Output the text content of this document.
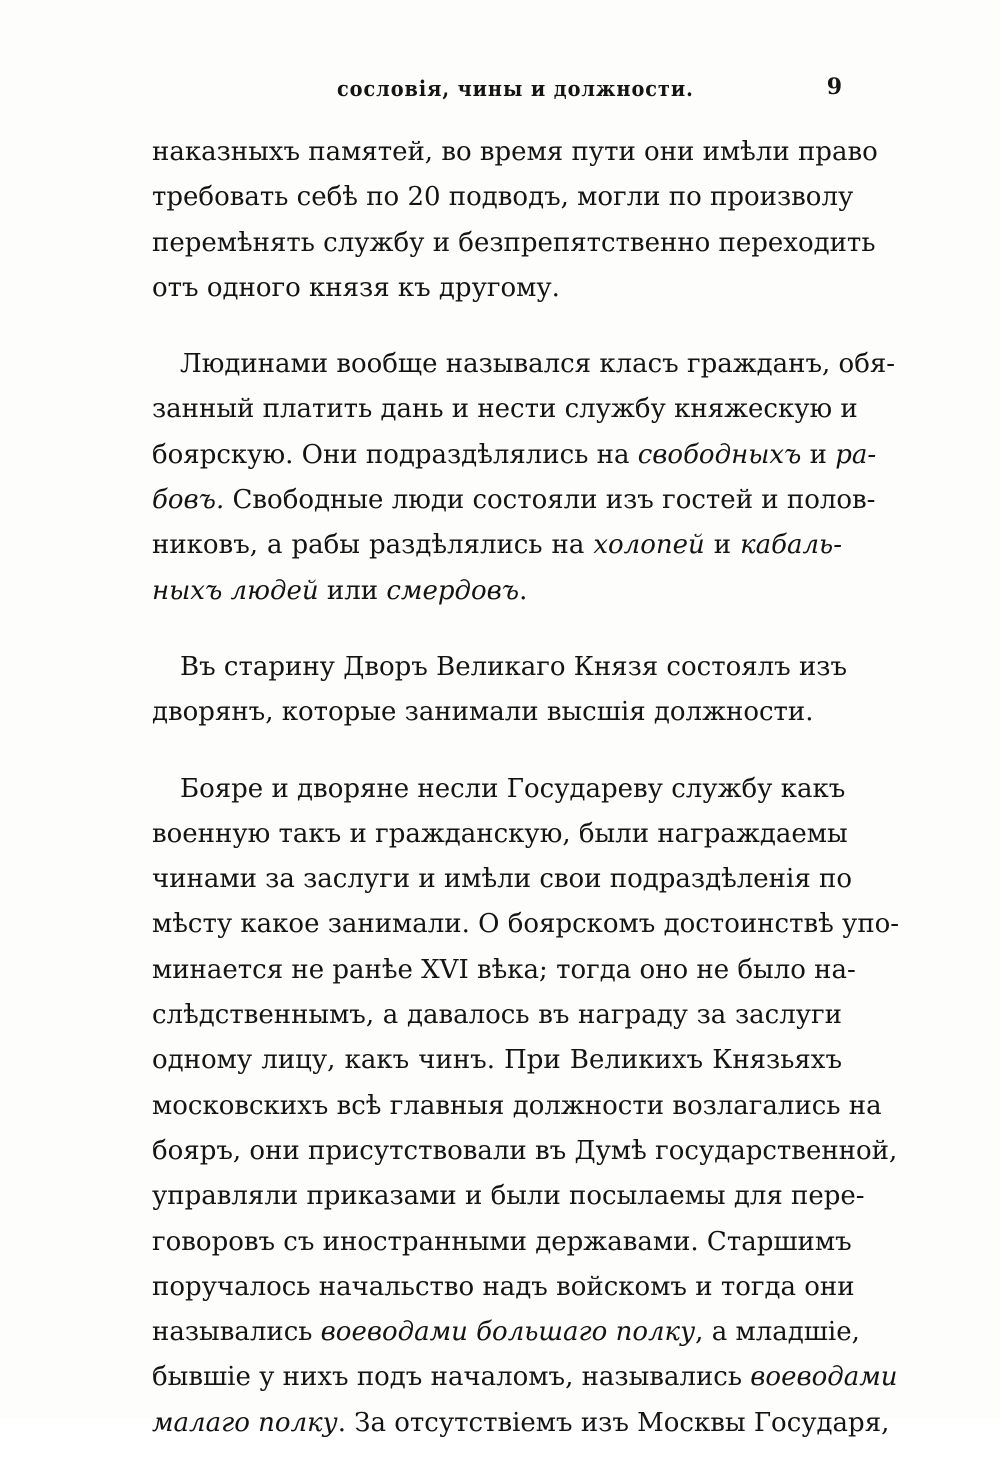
сословія, чины и должности.	9
наказныхъ памятей, во время пути они имѣли право
требовать себѣ по 20 подводъ, могли по произволу
перемѣнять службу и безпрепятственно переходить
отъ одного князя къ другому.
Людинами вообще назывался класъ гражданъ, обя-
занный платить дань и нести службу княжескую и
боярскую. Они подраздѣлялись на свободныхъ и ра-
бовъ. Свободные люди состояли изъ гостей и полов-
никовъ, а рабы раздѣлялись на холопей и кабаль-
ныхъ людей или смердовъ.
Въ старину Дворъ Великаго Князя состоялъ изъ
дворянъ, которые занимали высшія должности.
Бояре и дворяне несли Государеву службу какъ
военную такъ и гражданскую, были награждаемы
чинами за заслуги и имѣли свои подраздѣленія по
мѣсту какое занимали. О боярскомъ достоинствѣ упо-
минается не ранѣе XVI вѣка; тогда оно не было на-
слѣдственнымъ, а давалось въ награду за заслуги
одному лицу, какъ чинъ. При Великихъ Князьяхъ
московскихъ всѣ главныя должности возлагались на
бояръ, они присутствовали въ Думѣ государственной,
управляли приказами и были посылаемы для пере-
говоровъ съ иностранными державами. Старшимъ
поручалось начальство надъ войскомъ и тогда они
назывались воеводами большаго полку, а младшіе,
бывшіе у нихъ подъ началомъ, назывались воеводами
малаго полку. За отсутствіемъ изъ Москвы Государя,
